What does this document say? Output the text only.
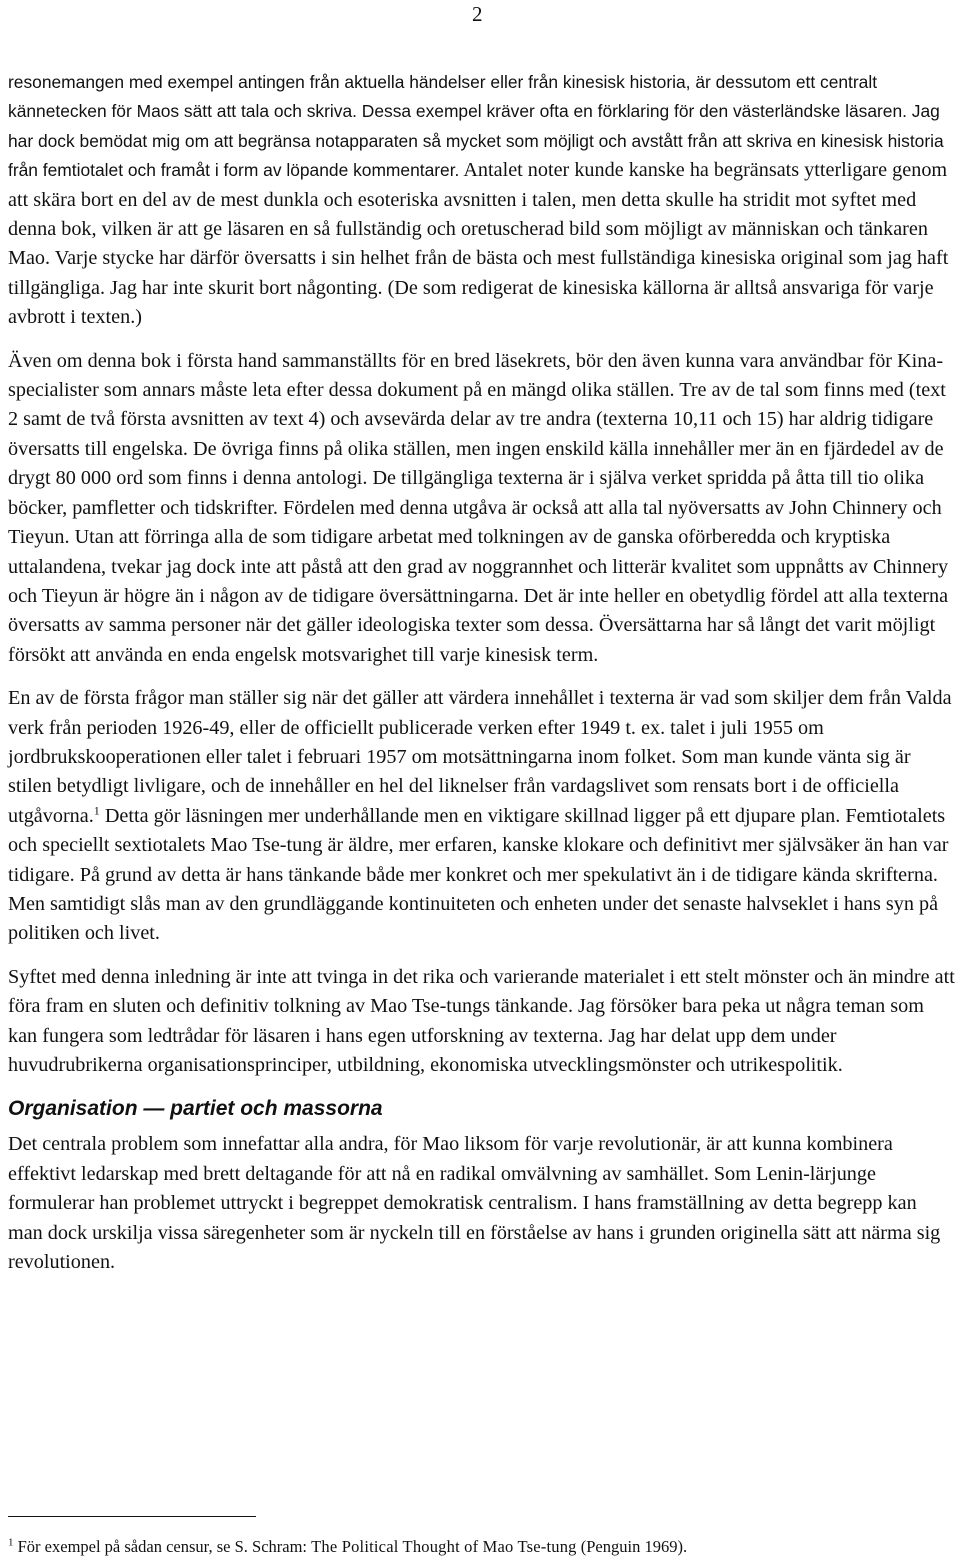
2

resonemangen med exempel antingen från aktuella händelser eller från kinesisk historia, är dessutom ett centralt kännetecken för Maos sätt att tala och skriva. Dessa exempel kräver ofta en förklaring för den västerländske läsaren. Jag har dock bemödat mig om att begränsa notapparaten så mycket som möjligt och avstått från att skriva en kinesisk historia från femtiotalet och framåt i form av löpande kommentarer. Antalet noter kunde kanske ha begränsats ytterligare genom att skära bort en del av de mest dunkla och esoteriska avsnitten i talen, men detta skulle ha stridit mot syftet med denna bok, vilken är att ge läsaren en så fullständig och oretuscherad bild som möjligt av människan och tänkaren Mao. Varje stycke har därför översatts i sin helhet från de bästa och mest fullständiga kinesiska original som jag haft tillgängliga. Jag har inte skurit bort någonting. (De som redigerat de kinesiska källorna är alltså ansvariga för varje avbrott i texten.)

Även om denna bok i första hand sammanställts för en bred läsekrets, bör den även kunna vara användbar för Kina-specialister som annars måste leta efter dessa dokument på en mängd olika ställen. Tre av de tal som finns med (text 2 samt de två första avsnitten av text 4) och avsevärda delar av tre andra (texterna 10,11 och 15) har aldrig tidigare översatts till engelska. De övriga finns på olika ställen, men ingen enskild källa innehåller mer än en fjärdedel av de drygt 80 000 ord som finns i denna antologi. De tillgängliga texterna är i själva verket spridda på åtta till tio olika böcker, pamfletter och tidskrifter. Fördelen med denna utgåva är också att alla tal nyöversatts av John Chinnery och Tieyun. Utan att förringa alla de som tidigare arbetat med tolkningen av de ganska oförberedda och kryptiska uttalandena, tvekar jag dock inte att påstå att den grad av noggrannhet och litterär kvalitet som uppnåtts av Chinnery och Tieyun är högre än i någon av de tidigare översättningarna. Det är inte heller en obetydlig fördel att alla texterna översatts av samma personer när det gäller ideologiska texter som dessa. Översättarna har så långt det varit möjligt försökt att använda en enda engelsk motsvarighet till varje kinesisk term.

En av de första frågor man ställer sig när det gäller att värdera innehållet i texterna är vad som skiljer dem från Valda verk från perioden 1926-49, eller de officiellt publicerade verken efter 1949 t. ex. talet i juli 1955 om jordbrukskooperationen eller talet i februari 1957 om motsättningarna inom folket. Som man kunde vänta sig är stilen betydligt livligare, och de innehåller en hel del liknelser från vardagslivet som rensats bort i de officiella utgåvorna.$^1$ Detta gör läsningen mer underhållande men en viktigare skillnad ligger på ett djupare plan. Femtiotalets och speciellt sextiotalets Mao Tse-tung är äldre, mer erfaren, kanske klokare och definitivt mer självsäker än han var tidigare. På grund av detta är hans tänkande både mer konkret och mer spekulativt än i de tidigare kända skrifterna. Men samtidigt slås man av den grundläggande kontinuiteten och enheten under det senaste halvseklet i hans syn på politiken och livet.

Syftet med denna inledning är inte att tvinga in det rika och varierande materialet i ett stelt mönster och än mindre att föra fram en sluten och definitiv tolkning av Mao Tse-tungs tänkande. Jag försöker bara peka ut några teman som kan fungera som ledtrådar för läsaren i hans egen utforskning av texterna. Jag har delat upp dem under huvudrubrikerna organisationsprinciper, utbildning, ekonomiska utvecklingsmönster och utrikespolitik.

Organisation — partiet och massorna

Det centrala problem som innefattar alla andra, för Mao liksom för varje revolutionär, är att kunna kombinera effektivt ledarskap med brett deltagande för att nå en radikal omvälvning av samhället. Som Lenin-lärjunge formulerar han problemet uttryckt i begreppet demokratisk centralism. I hans framställning av detta begrepp kan man dock urskilja vissa säregenheter som är nyckeln till en förståelse av hans i grunden originella sätt att närma sig revolutionen.

$^1$ För exempel på sådan censur, se S. Schram: The Political Thought of Mao Tse-tung (Penguin 1969).
